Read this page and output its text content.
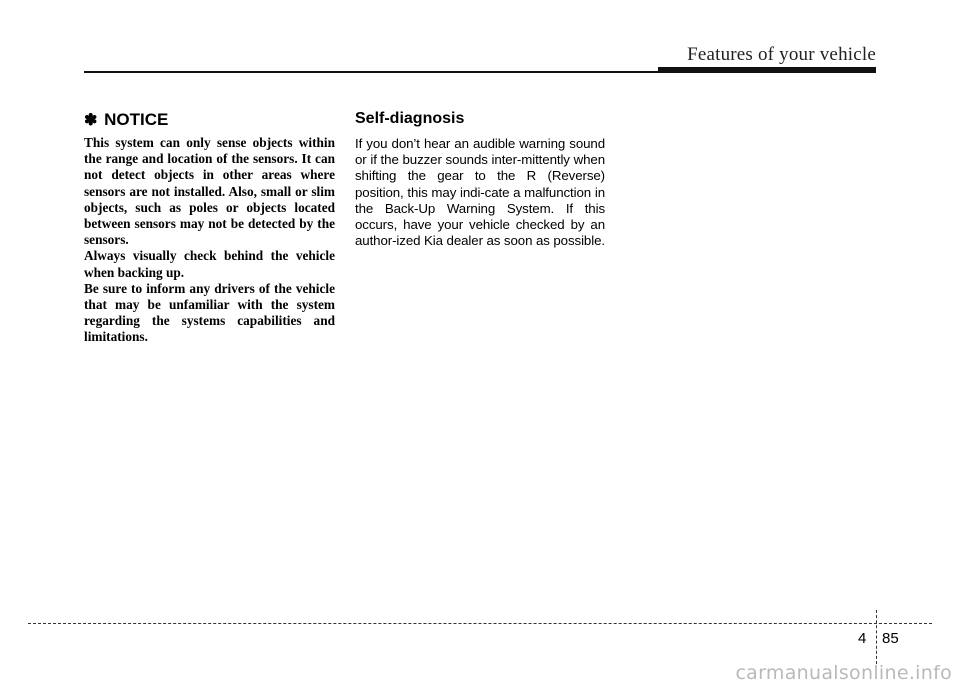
Features of your vehicle
✽ NOTICE

This system can only sense objects within the range and location of the sensors. It can not detect objects in other areas where sensors are not installed. Also, small or slim objects, such as poles or objects located between sensors may not be detected by the sensors.

Always visually check behind the vehicle when backing up.

Be sure to inform any drivers of the vehicle that may be unfamiliar with the system regarding the systems capabilities and limitations.

Self-diagnosis

If you don’t hear an audible warning sound or if the buzzer sounds inter-mittently when shifting the gear to the R (Reverse) position, this may indi-cate a malfunction in the Back-Up Warning System. If this occurs, have your vehicle checked by an author-ized Kia dealer as soon as possible.

4 85
carmanualsonline.info
